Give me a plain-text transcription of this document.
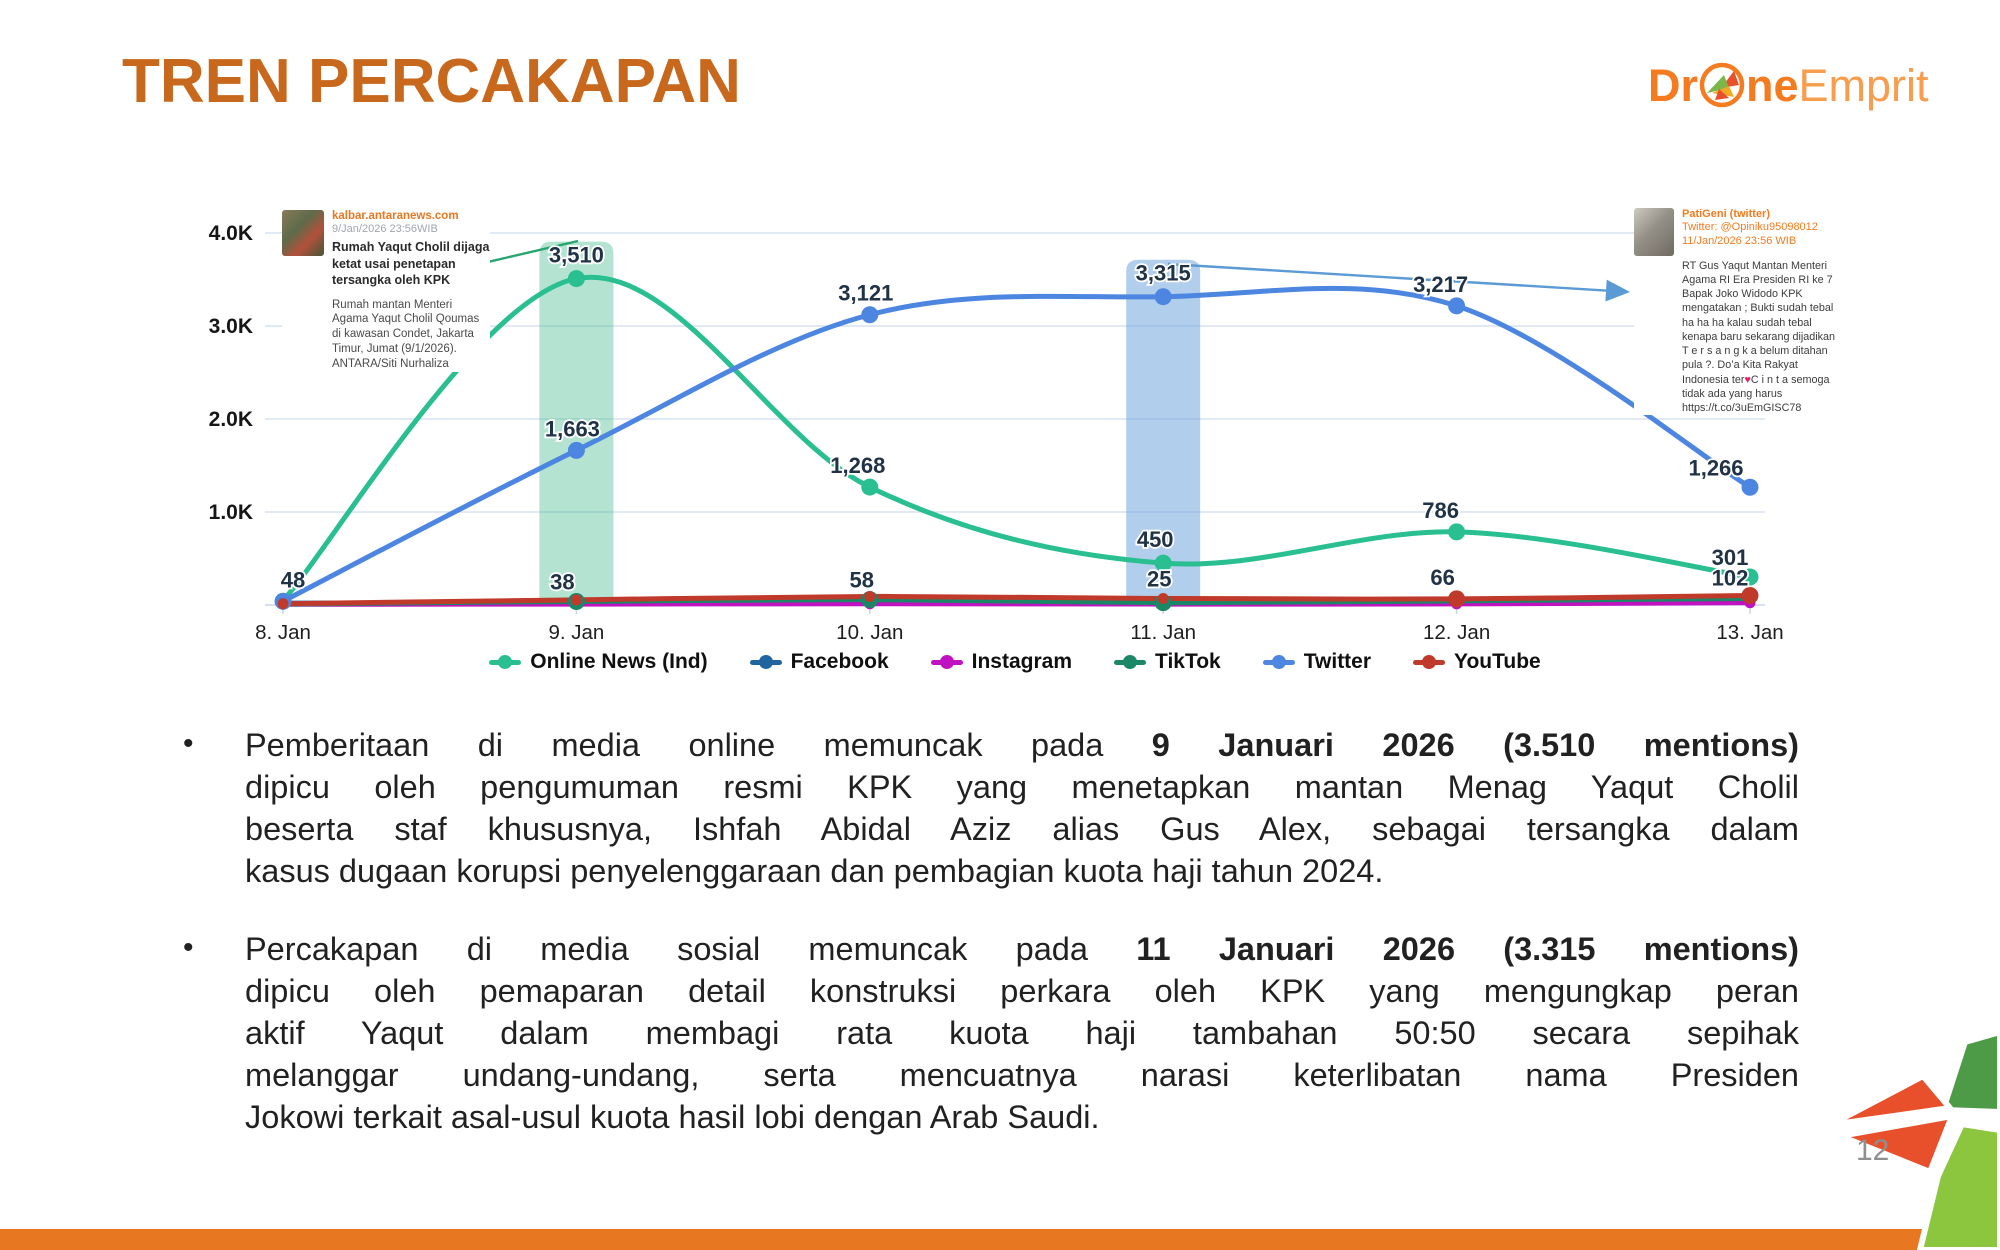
TREN PERCAKAPAN	Dr ne Emprit
1.0K
2.0K
3.0K
4.0K
8. Jan	9. Jan	10. Jan	11. Jan	12. Jan	13. Jan
3,510
1,268
450
786
301
38	58	25
48
1,663
3,121
3,315	3,217
1,266
66	102
kalbar.antaranews.com
9/Jan/2026 23:56WIB
Rumah Yaqut Cholil dijaga ketat usai penetapan tersangka oleh KPK
Rumah mantan Menteri Agama Yaqut Cholil Qoumas di kawasan Condet, Jakarta Timur, Jumat (9/1/2026). ANTARA/Siti Nurhaliza
PatiGeni (twitter)
Twitter: @Opiniku95098012
11/Jan/2026 23:56 WIB
RT Gus Yaqut Mantan Menteri Agama RI Era Presiden RI ke 7 Bapak Joko Widodo KPK mengatakan ; Bukti sudah tebal ha ha ha kalau sudah tebal kenapa baru sekarang dijadikan T e r s a n g k a belum ditahan pula ?. Do’a Kita Rakyat Indonesia ter♥C i n t a semoga tidak ada yang harus https://t.co/3uEmGISC78
Online News (Ind)	Facebook	Instagram	TikTok	Twitter	YouTube
•	Pemberitaan di media online memuncak pada 9 Januari 2026 (3.510 mentions)
dipicu oleh pengumuman resmi KPK yang menetapkan mantan Menag Yaqut Cholil
beserta staf khususnya, Ishfah Abidal Aziz alias Gus Alex, sebagai tersangka dalam
kasus dugaan korupsi penyelenggaraan dan pembagian kuota haji tahun 2024.
•	Percakapan di media sosial memuncak pada 11 Januari 2026 (3.315 mentions)
dipicu oleh pemaparan detail konstruksi perkara oleh KPK yang mengungkap peran
aktif Yaqut dalam membagi rata kuota haji tambahan 50:50 secara sepihak
melanggar undang-undang, serta mencuatnya narasi keterlibatan nama Presiden
Jokowi terkait asal-usul kuota hasil lobi dengan Arab Saudi.
12
